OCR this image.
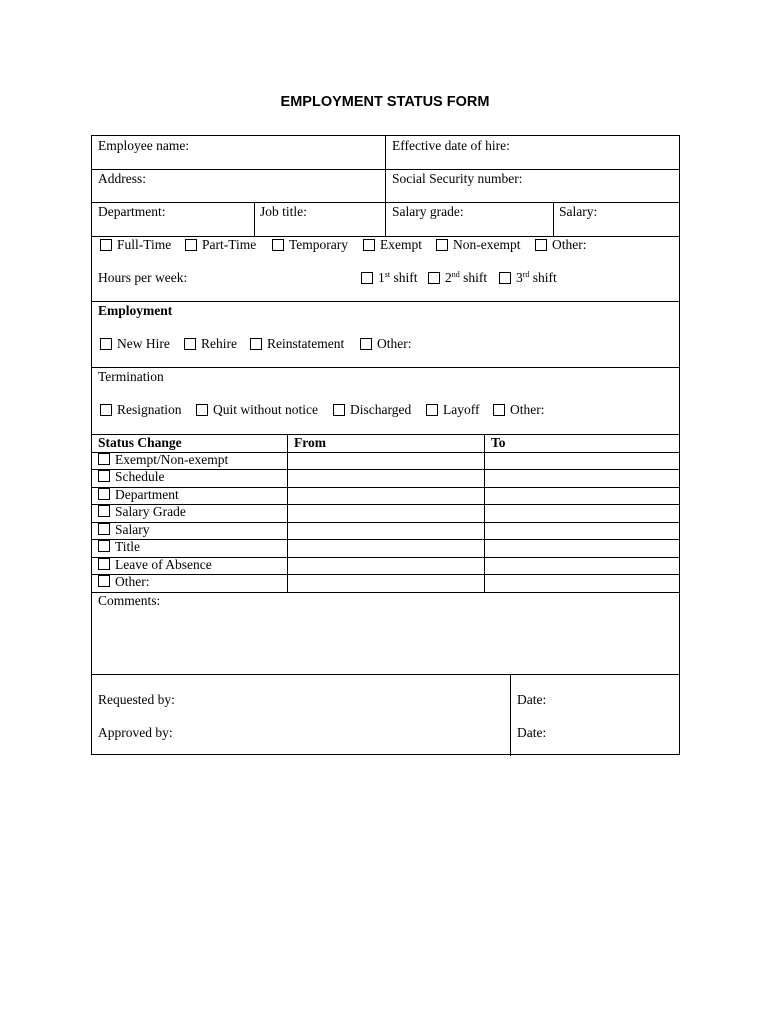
EMPLOYMENT STATUS FORM
Employee name:	Effective date of hire:
Address:	Social Security number:
Department:	Job title:	Salary grade:	Salary:
Full-Time Part-Time Temporary Exempt Non-exempt Other:
Hours per week:	1st shift 2nd shift 3rd shift
Employment
New Hire Rehire Reinstatement Other:
Termination
Resignation Quit without notice Discharged Layoff Other:
Status Change	From	To
Exempt/Non-exempt
Schedule
Department
Salary Grade
Salary
Title
Leave of Absence
Other:
Comments:
Requested by:	Date:
Approved by:	Date:
